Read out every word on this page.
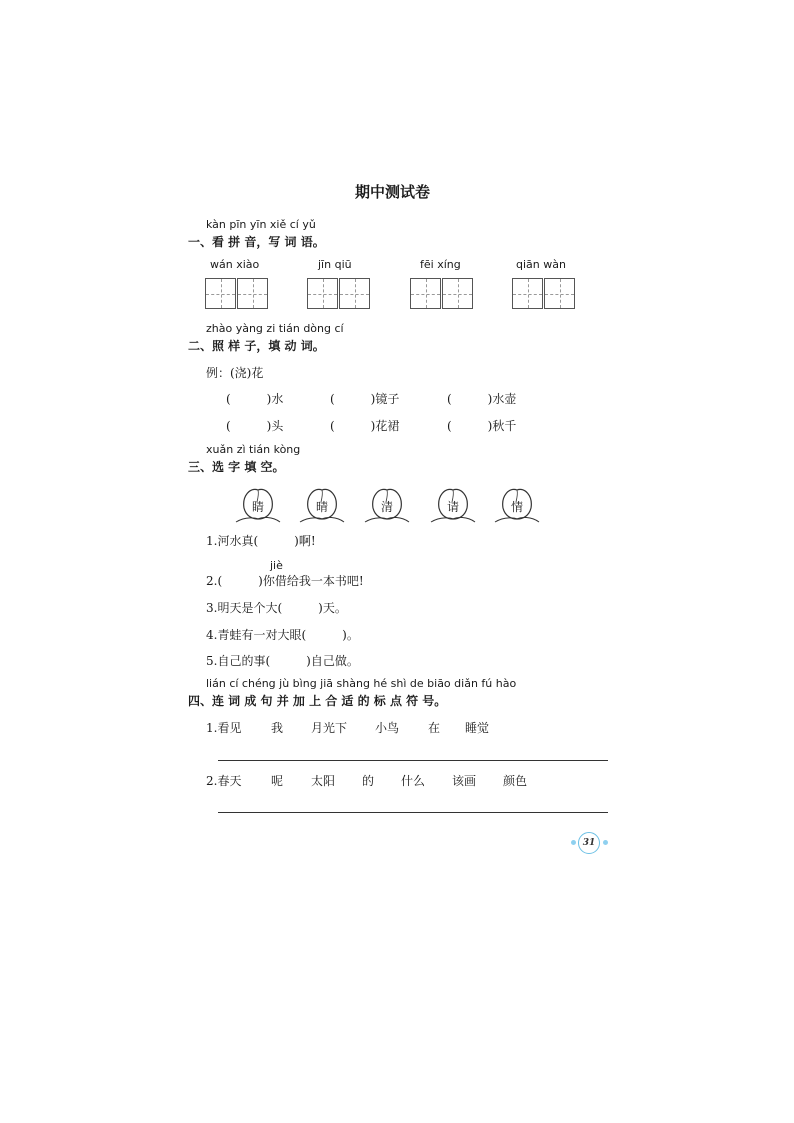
期中测试卷
kàn pīn yīn xiě cí yǔ
一、看 拼 音，写 词 语。
wán xiào	jīn qiū	fēi xíng	qiān wàn
zhào yàng zi tián dòng cí
二、照 样 子，填 动 词。
例：(浇)花
(　　　)水	(　　　)镜子	(　　　)水壶
(　　　)头	(　　　)花裙	(　　　)秋千
xuǎn zì tián kòng
三、选 字 填 空。
睛	晴	清	请	情
1.河水真(　　　)啊!
jiè
2.(　　　)你借给我一本书吧!
3.明天是个大(　　　)天。
4.青蛙有一对大眼(　　　)。
5.自己的事(　　　)自己做。
lián cí chéng jù bìng jiā shàng hé shì de biāo diǎn fú hào
四、连 词 成 句 并 加 上 合 适 的 标 点 符 号。
1.看见 我 月光下 小鸟 在 睡觉
2.春天 呢 太阳 的 什么 该画 颜色
31
